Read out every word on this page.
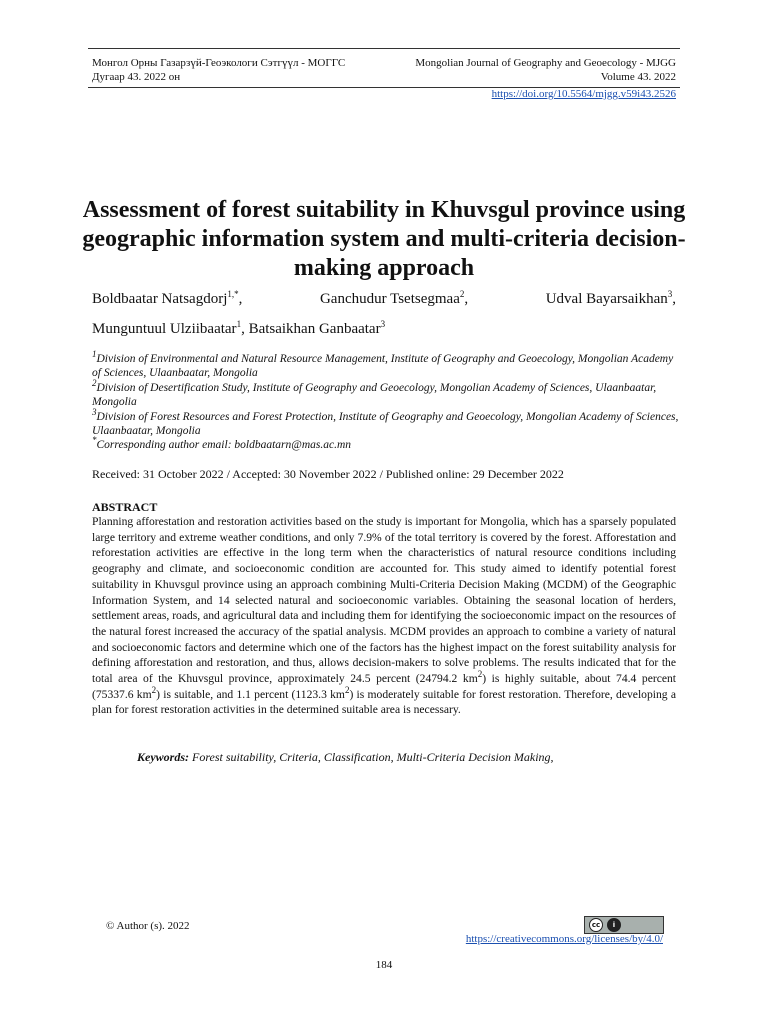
Монгол Орны Газарзүй-Геоэкологи Сэтгүүл - МОГГС
Дугаар 43. 2022 он
Mongolian Journal of Geography and Geoecology - MJGG
Volume 43. 2022
https://doi.org/10.5564/mjgg.v59i43.2526
Assessment of forest suitability in Khuvsgul province using geographic information system and multi-criteria decision-making approach
Boldbaatar Natsagdorj$^{1,*}$,	Ganchudur Tsetsegmaa$^2$,	Udval Bayarsaikhan$^3$,
Munguntuul Ulziibaatar$^1$, Batsaikhan Ganbaatar$^3$
$^1$Division of Environmental and Natural Resource Management, Institute of Geography and Geoecology, Mongolian Academy of Sciences, Ulaanbaatar, Mongolia
$^2$Division of Desertification Study, Institute of Geography and Geoecology, Mongolian Academy of Sciences, Ulaanbaatar, Mongolia
$^3$Division of Forest Resources and Forest Protection, Institute of Geography and Geoecology, Mongolian Academy of Sciences, Ulaanbaatar, Mongolia
*Corresponding author email: boldbaatarn@mas.ac.mn
Received: 31 October 2022 / Accepted: 30 November 2022 / Published online: 29 December 2022
ABSTRACT
Planning afforestation and restoration activities based on the study is important for Mongolia, which has a sparsely populated large territory and extreme weather conditions, and only 7.9% of the total territory is covered by the forest. Afforestation and reforestation activities are effective in the long term when the characteristics of natural resource conditions including geography and climate, and socioeconomic condition are accounted for. This study aimed to identify potential forest suitability in Khuvsgul province using an approach combining Multi-Criteria Decision Making (MCDM) of the Geographic Information System, and 14 selected natural and socioeconomic variables. Obtaining the seasonal location of herders, settlement areas, roads, and agricultural data and including them for identifying the socioeconomic impact on the resources of the natural forest increased the accuracy of the spatial analysis. MCDM provides an approach to combine a variety of natural and socioeconomic factors and determine which one of the factors has the highest impact on the forest suitability analysis for defining afforestation and restoration, and thus, allows decision-makers to solve problems. The results indicated that for the total area of the Khuvsgul province, approximately 24.5 percent (24794.2 $km^2$) is highly suitable, about 74.4 percent (75337.6 $km^2$) is suitable, and 1.1 percent (1123.3 $km^2$) is moderately suitable for forest restoration. Therefore, developing a plan for forest restoration activities in the determined suitable area is necessary.
Keywords: Forest suitability, Criteria, Classification, Multi-Criteria Decision Making,
© Author (s). 2022	cc	i
https://creativecommons.org/licenses/by/4.0/
184
